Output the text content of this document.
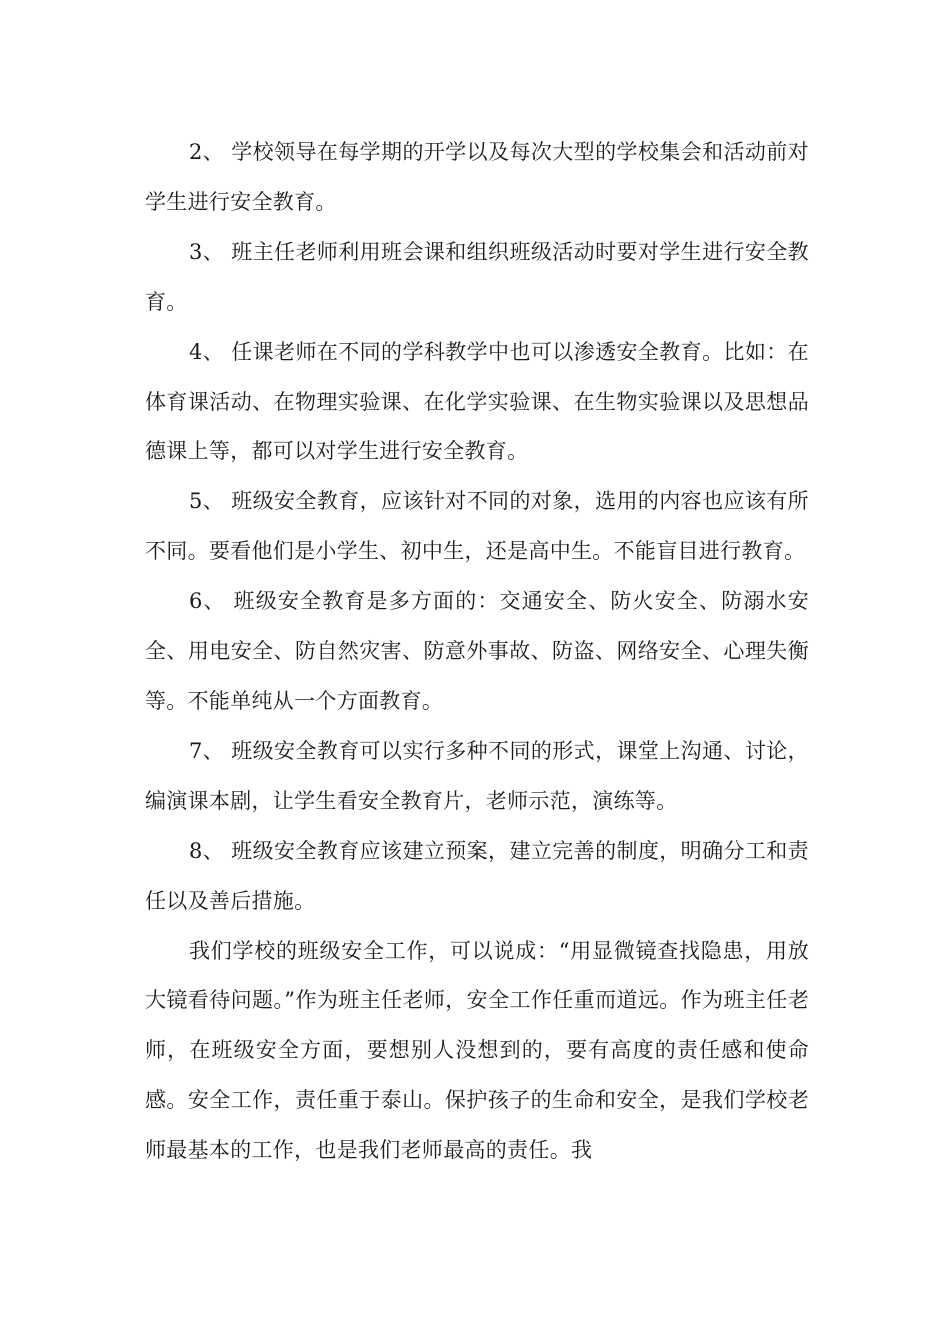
2、 学校领导在每学期的开学以及每次大型的学校集会和活动前对学生进行安全教育。

3、 班主任老师利用班会课和组织班级活动时要对学生进行安全教育。

4、 任课老师在不同的学科教学中也可以渗透安全教育。比如：在体育课活动、在物理实验课、在化学实验课、在生物实验课以及思想品德课上等，都可以对学生进行安全教育。

5、 班级安全教育，应该针对不同的对象，选用的内容也应该有所不同。要看他们是小学生、初中生，还是高中生。不能盲目进行教育。

6、 班级安全教育是多方面的：交通安全、防火安全、防溺水安全、用电安全、防自然灾害、防意外事故、防盗、网络安全、心理失衡等。不能单纯从一个方面教育。

7、 班级安全教育可以实行多种不同的形式，课堂上沟通、讨论，编演课本剧，让学生看安全教育片，老师示范，演练等。

8、 班级安全教育应该建立预案，建立完善的制度，明确分工和责任以及善后措施。

我们学校的班级安全工作，可以说成：“用显微镜查找隐患，用放大镜看待问题。”作为班主任老师，安全工作任重而道远。作为班主任老师，在班级安全方面，要想别人没想到的，要有高度的责任感和使命感。安全工作，责任重于泰山。保护孩子的生命和安全，是我们学校老师最基本的工作，也是我们老师最高的责任。我
